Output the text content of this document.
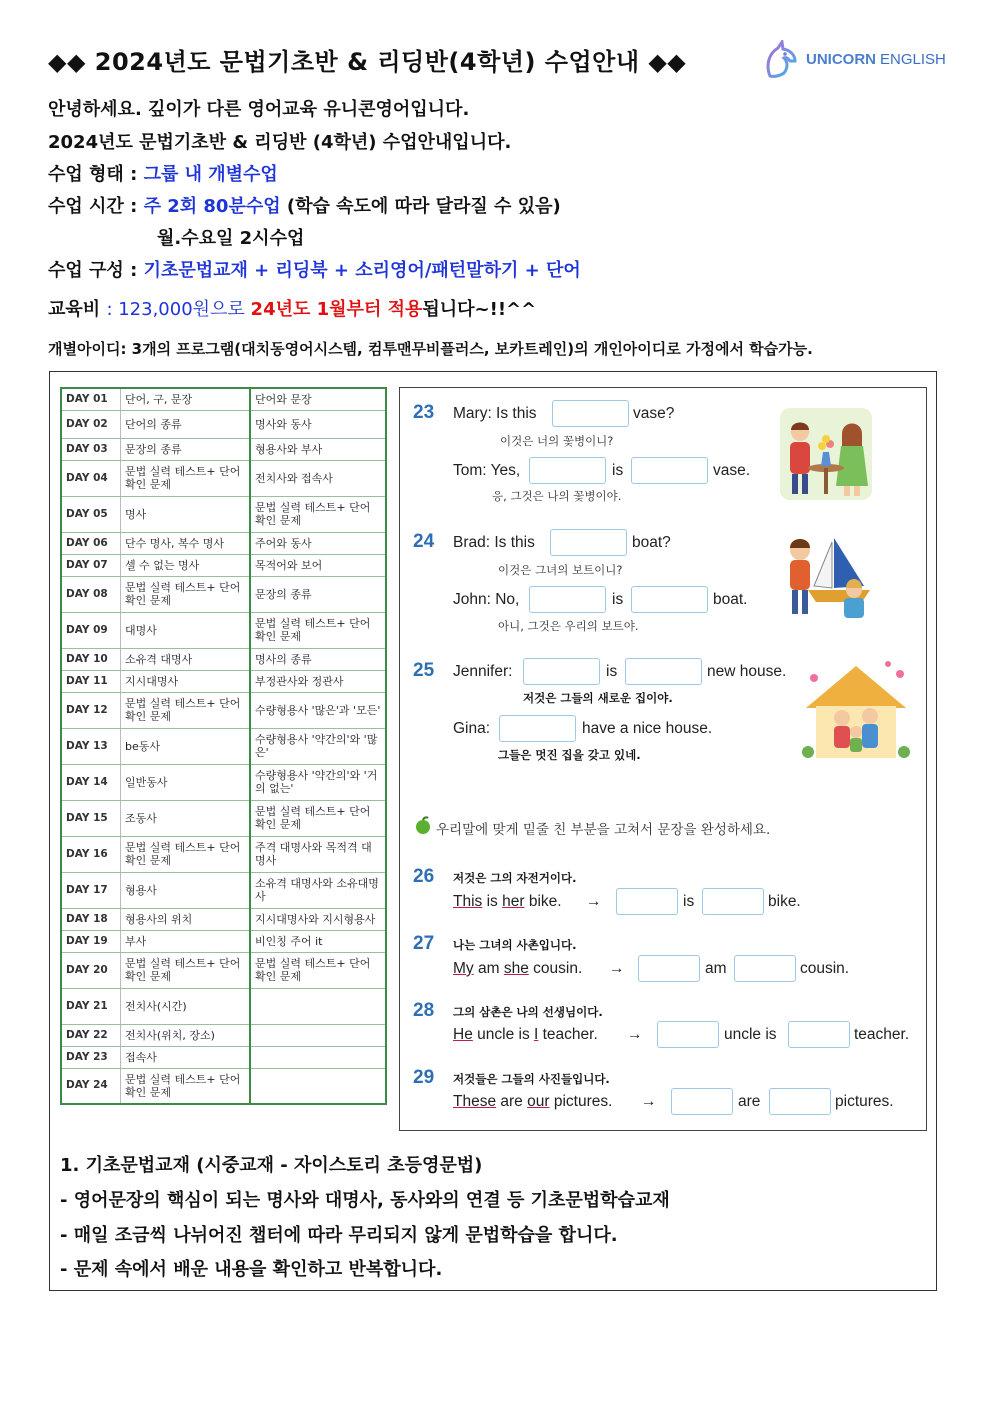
◆◆ 2024년도 문법기초반 & 리딩반(4학년) 수업안내 ◆◆	UNICORN ENGLISH
안녕하세요. 깊이가 다른 영어교육 유니콘영어입니다.
2024년도 문법기초반 & 리딩반 (4학년) 수업안내입니다.
수업 형태 : 그룹 내 개별수업
수업 시간 : 주 2회 80분수업 (학습 속도에 따라 달라질 수 있음)
월.수요일 2시수업
수업 구성 : 기초문법교재 + 리딩북 + 소리영어/패턴말하기 + 단어
교육비 : 123,000원으로 24년도 1월부터 적용됩니다~!!^^
개별아이디: 3개의 프로그램(대치동영어시스템, 컴투맨무비플러스, 보카트레인)의 개인아이디로 가정에서 학습가능.
DAY 01	단어, 구, 문장	단어와 문장
DAY 02	단어의 종류	명사와 동사
DAY 03	문장의 종류	형용사와 부사
DAY 04	문법 실력 테스트+ 단어 확인 문제	전치사와 접속사
DAY 05	명사	문법 실력 테스트+ 단어 확인 문제
DAY 06	단수 명사, 복수 명사	주어와 동사
DAY 07	셀 수 없는 명사	목적어와 보어
DAY 08	문법 실력 테스트+ 단어 확인 문제	문장의 종류
DAY 09	대명사	문법 실력 테스트+ 단어 확인 문제
DAY 10	소유격 대명사	명사의 종류
DAY 11	지시대명사	부정관사와 정관사
DAY 12	문법 실력 테스트+ 단어 확인 문제	수량형용사 '많은'과 '모든'
DAY 13	be동사	수량형용사 '약간의'와 '많은'
DAY 14	일반동사	수량형용사 '약간의'와 '거의 없는'
DAY 15	조동사	문법 실력 테스트+ 단어 확인 문제
DAY 16	문법 실력 테스트+ 단어 확인 문제	주격 대명사와 목적격 대명사
DAY 17	형용사	소유격 대명사와 소유대명사
DAY 18	형용사의 위치	지시대명사와 지시형용사
DAY 19	부사	비인칭 주어 it
DAY 20	문법 실력 테스트+ 단어 확인 문제	문법 실력 테스트+ 단어 확인 문제
DAY 21	전치사(시간)	
DAY 22	전치사(위치, 장소)	
DAY 23	접속사	
DAY 24	문법 실력 테스트+ 단어 확인 문제	
23 Mary: Is this	vase?
이것은 너의 꽃병이니?
Tom: Yes,	is	vase.
응, 그것은 나의 꽃병이야.
24 Brad: Is this	boat?
이것은 그녀의 보트이니?
John: No,	is	boat.
아니, 그것은 우리의 보트야.
25 Jennifer:	is	new house.
저것은 그들의 새로운 집이야.
Gina:	have a nice house.
그들은 멋진 집을 갖고 있네.
우리말에 맞게 밑줄 친 부분을 고쳐서 문장을 완성하세요.
26 저것은 그의 자전거이다.
This is her bike. →	is	bike.
27 나는 그녀의 사촌입니다.
My am she cousin. →	am	cousin.
28 그의 삼촌은 나의 선생님이다.
He uncle is I teacher. →	uncle is	teacher.
29 저것들은 그들의 사진들입니다.
These are our pictures. →	are	pictures.
1. 기초문법교재 (시중교재 - 자이스토리 초등영문법)
- 영어문장의 핵심이 되는 명사와 대명사, 동사와의 연결 등 기초문법학습교재
- 매일 조금씩 나뉘어진 챕터에 따라 무리되지 않게 문법학습을 합니다.
- 문제 속에서 배운 내용을 확인하고 반복합니다.
